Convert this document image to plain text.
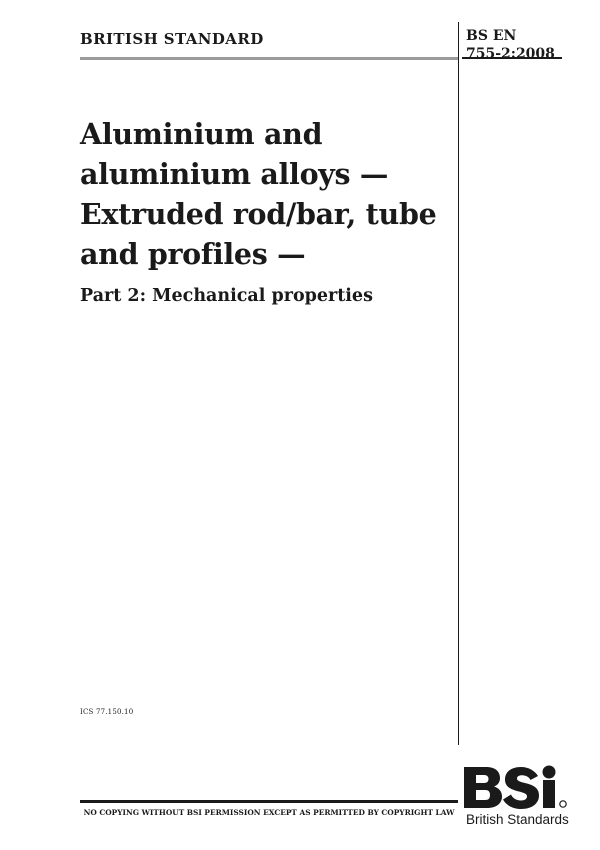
BRITISH STANDARD	BS EN
755-2:2008
Aluminium and
aluminium alloys —
Extruded rod/bar, tube
and profiles —
Part 2: Mechanical properties
ICS 77.150.10
NO COPYING WITHOUT BSI PERMISSION EXCEPT AS PERMITTED BY COPYRIGHT LAW British Standards
